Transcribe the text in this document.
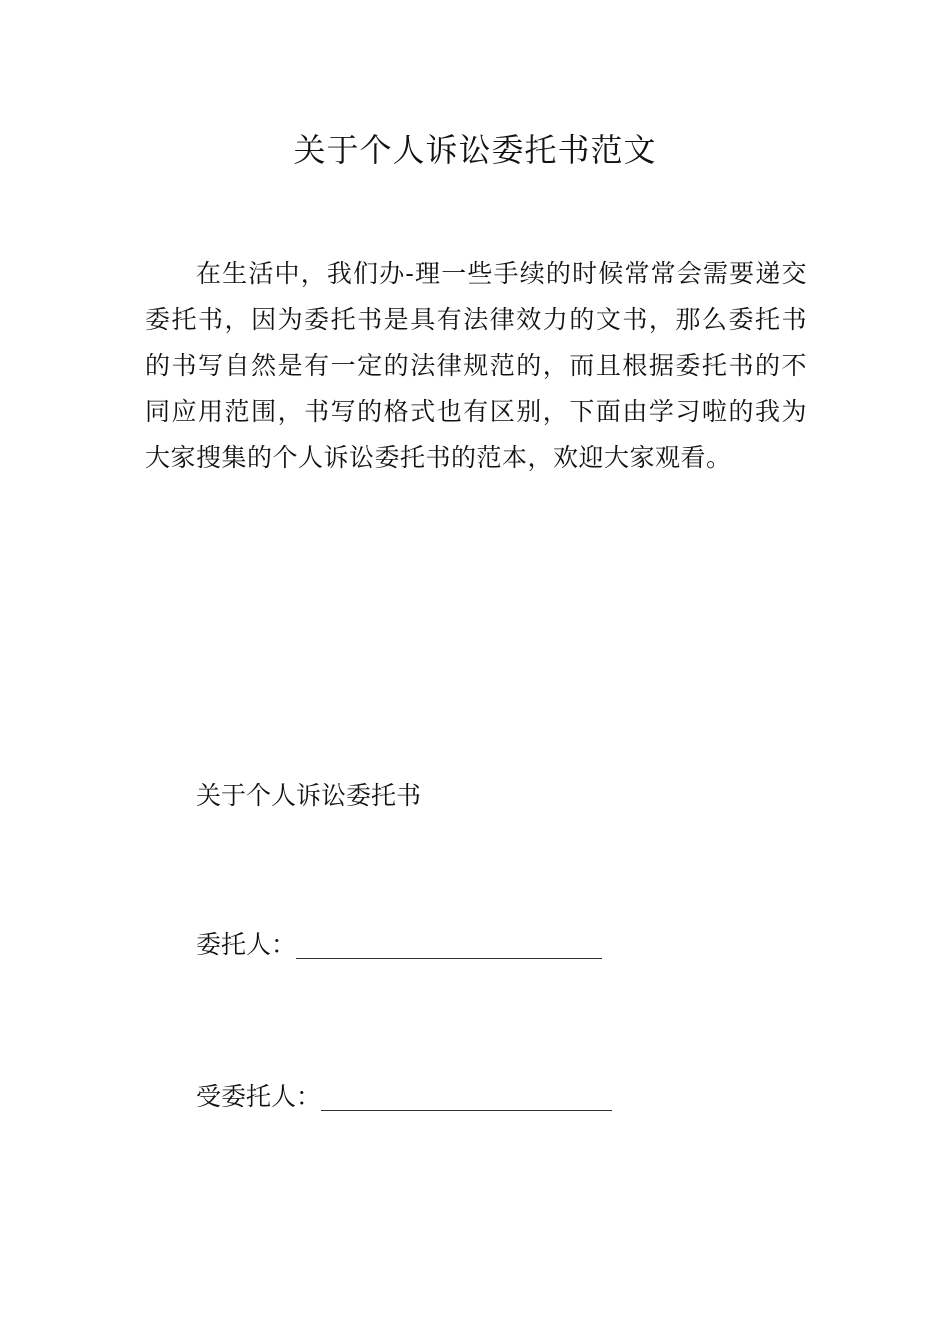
关于个人诉讼委托书范文

在生活中，我们办-理一些手续的时候常常会需要递交委托书，因为委托书是具有法律效力的文书，那么委托书的书写自然是有一定的法律规范的，而且根据委托书的不同应用范围，书写的格式也有区别，下面由学习啦的我为大家搜集的个人诉讼委托书的范本，欢迎大家观看。

关于个人诉讼委托书
委托人：
受委托人：
